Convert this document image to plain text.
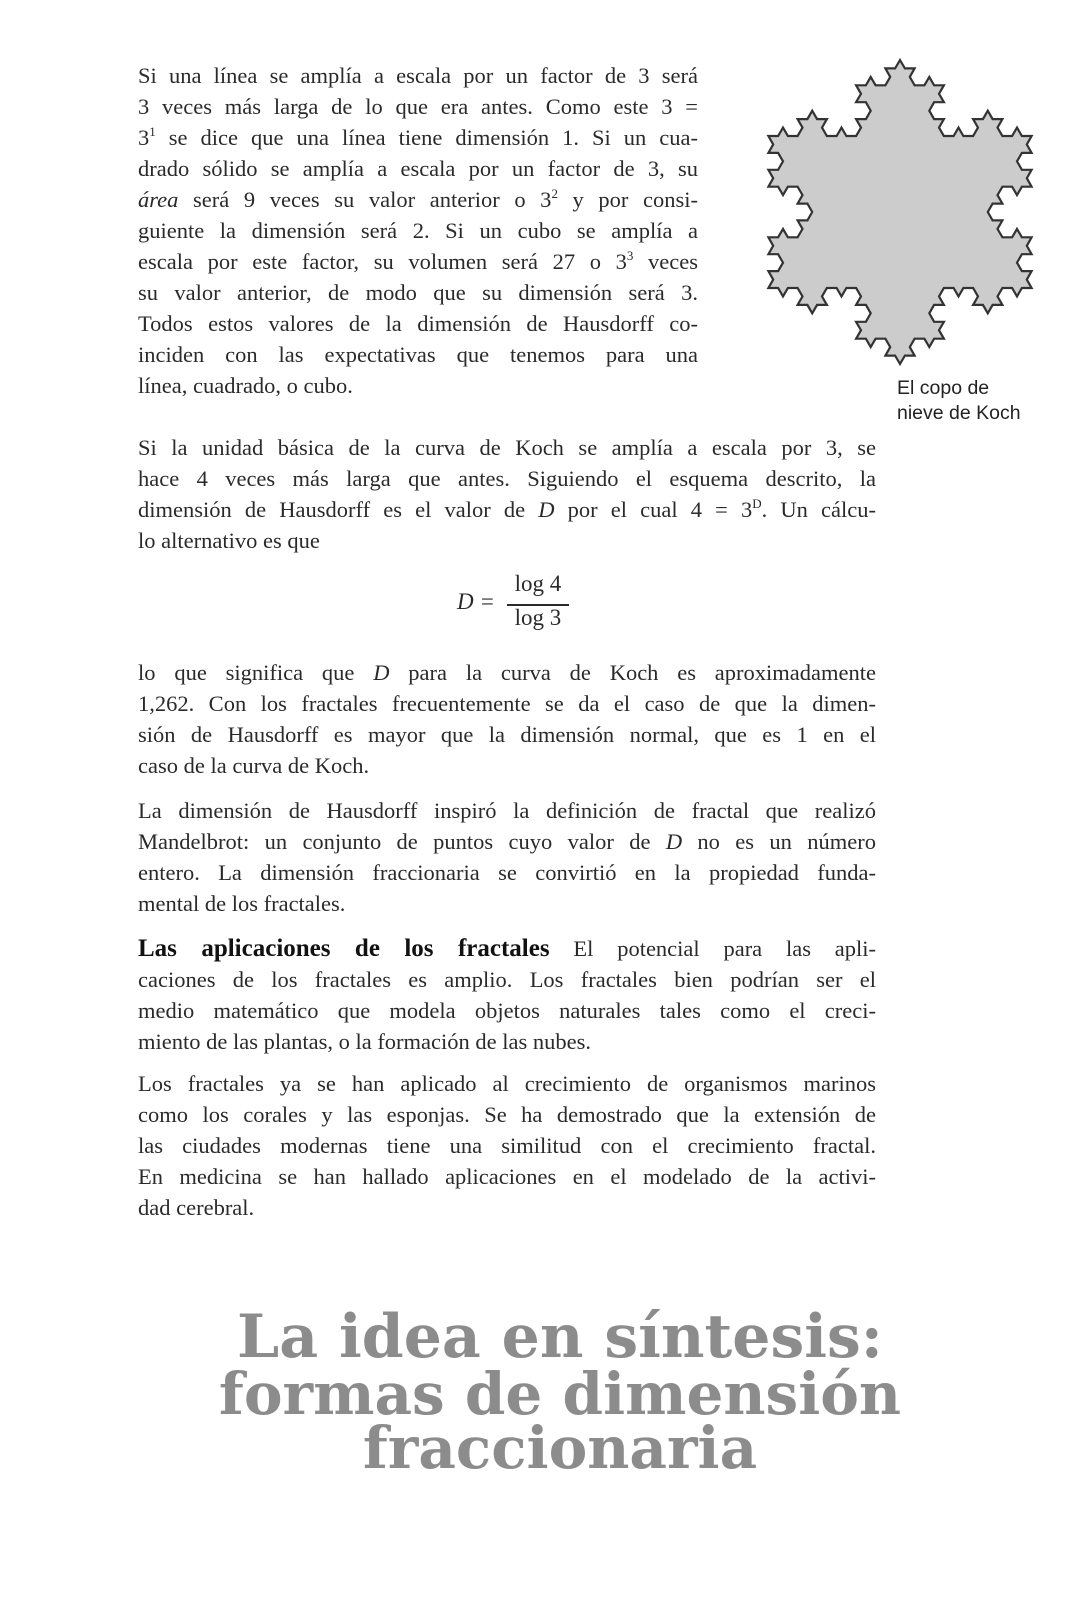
Si una línea se amplía a escala por un factor de 3 será
3 veces más larga de lo que era antes. Como este 3 =
$3^1$ se dice que una línea tiene dimensión 1. Si un cua-
drado sólido se amplía a escala por un factor de 3, su
área será 9 veces su valor anterior o $3^2$ y por consi-
guiente la dimensión será 2. Si un cubo se amplía a
escala por este factor, su volumen será 27 o $3^3$ veces
su valor anterior, de modo que su dimensión será 3.
Todos estos valores de la dimensión de Hausdorff co-
inciden con las expectativas que tenemos para una
línea, cuadrado, o cubo.	El copo de
nieve de Koch
Si la unidad básica de la curva de Koch se amplía a escala por 3, se
hace 4 veces más larga que antes. Siguiendo el esquema descrito, la
dimensión de Hausdorff es el valor de D por el cual $4 = 3^D$. Un cálcu-
lo alternativo es que
D =
log 4
log 3
lo que significa que D para la curva de Koch es aproximadamente
1,262. Con los fractales frecuentemente se da el caso de que la dimen-
sión de Hausdorff es mayor que la dimensión normal, que es 1 en el
caso de la curva de Koch.
La dimensión de Hausdorff inspiró la definición de fractal que realizó
Mandelbrot: un conjunto de puntos cuyo valor de D no es un número
entero. La dimensión fraccionaria se convirtió en la propiedad funda-
mental de los fractales.
Las aplicaciones de los fractales El potencial para las apli-
caciones de los fractales es amplio. Los fractales bien podrían ser el
medio matemático que modela objetos naturales tales como el creci-
miento de las plantas, o la formación de las nubes.
Los fractales ya se han aplicado al crecimiento de organismos marinos
como los corales y las esponjas. Se ha demostrado que la extensión de
las ciudades modernas tiene una similitud con el crecimiento fractal.
En medicina se han hallado aplicaciones en el modelado de la activi-
dad cerebral.
La idea en síntesis:
formas de dimensión
fraccionaria
